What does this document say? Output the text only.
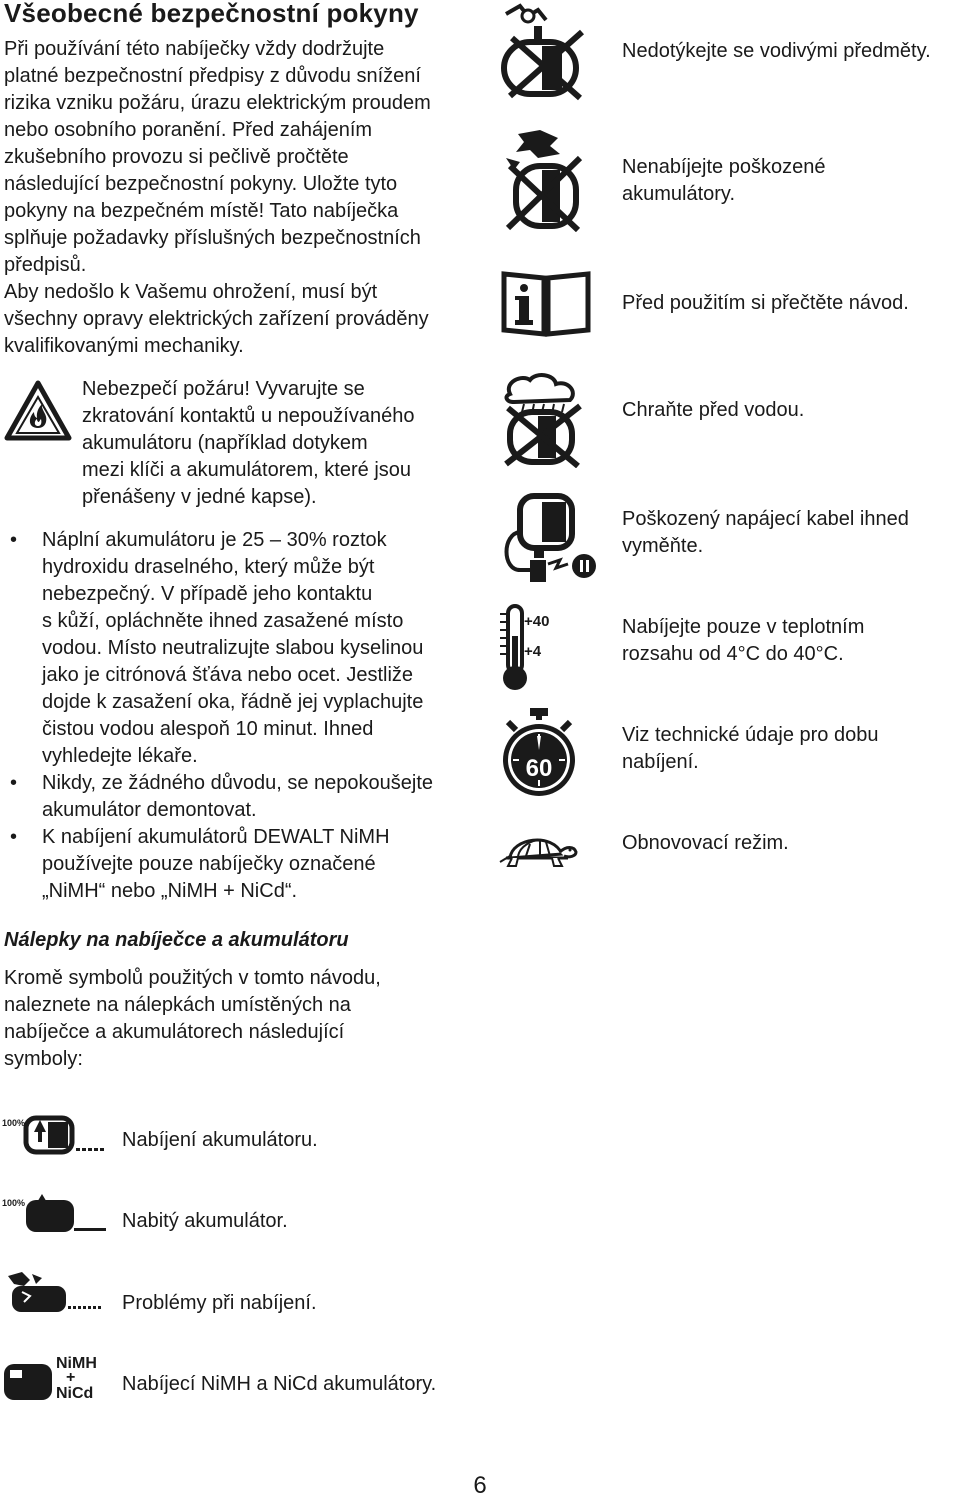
Všeobecné bezpečnostní pokyny
Při používání této nabíječky vždy dodržujte
platné bezpečnostní předpisy z důvodu snížení
rizika vzniku požáru, úrazu elektrickým proudem
nebo osobního poranění. Před zahájením
zkušebního provozu si pečlivě pročtěte
následující bezpečnostní pokyny. Uložte tyto
pokyny na bezpečném místě! Tato nabíječka
splňuje požadavky příslušných bezpečnostních
předpisů.
Aby nedošlo k Vašemu ohrožení, musí být
všechny opravy elektrických zařízení prováděny
kvalifikovanými mechaniky.
Nebezpečí požáru! Vyvarujte se
zkratování kontaktů u nepoužívaného
akumulátoru (například dotykem
mezi klíči a akumulátorem, které jsou
přenášeny v jedné kapse).
• Náplní akumulátoru je 25 – 30% roztok
hydroxidu draselného, který může být
nebezpečný. V případě jeho kontaktu
s kůží, opláchněte ihned zasažené místo
vodou. Místo neutralizujte slabou kyselinou
jako je citrónová šťáva nebo ocet. Jestliže
dojde k zasažení oka, řádně jej vyplachujte
čistou vodou alespoň 10 minut. Ihned
vyhledejte lékaře.
• Nikdy, ze žádného důvodu, se nepokoušejte
akumulátor demontovat.
• K nabíjení akumulátorů DEWALT NiMH
používejte pouze nabíječky označené
„NiMH“ nebo „NiMH + NiCd“.
Nálepky na nabíječce a akumulátoru
Kromě symbolů použitých v tomto návodu,
naleznete na nálepkách umístěných na
nabíječce a akumulátorech následující
symboly:
Nedotýkejte se vodivými předměty.
Nenabíjejte poškozené
akumulátory.
Před použitím si přečtěte návod.
Chraňte před vodou.
Poškozený napájecí kabel ihned
vyměňte.
+40
+4
Nabíjejte pouze v teplotním
rozsahu od 4°C do 40°C.
60
Viz technické údaje pro dobu
nabíjení.
Obnovovací režim.
100%
Nabíjení akumulátoru.
100%
Nabitý akumulátor.
Problémy při nabíjení.
NiMH
+
NiCd Nabíjecí NiMH a NiCd akumulátory.
6
